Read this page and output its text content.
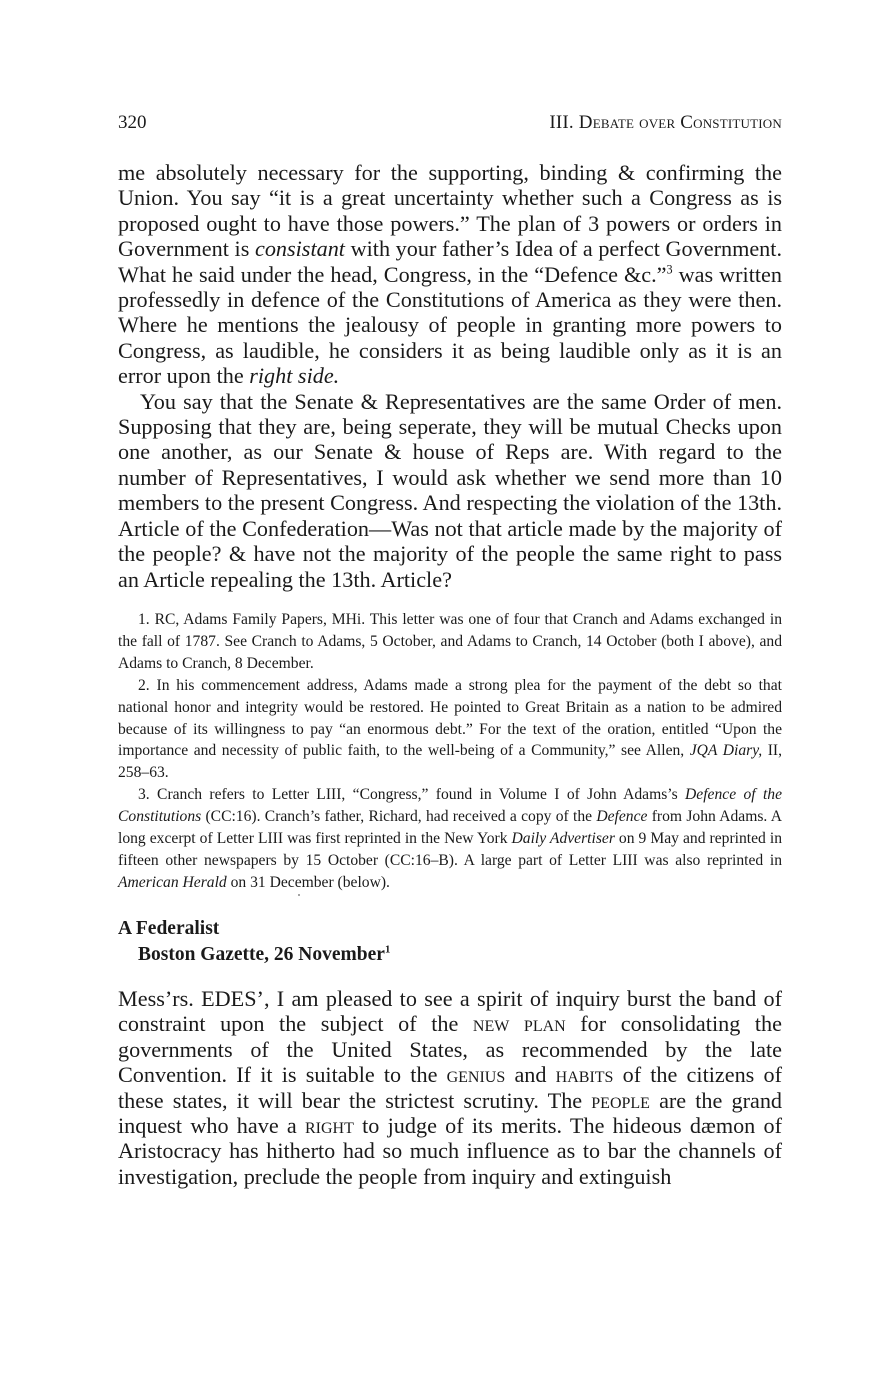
320	III. Debate over Constitution

me absolutely necessary for the supporting, binding & confirming the Union. You say “it is a great uncertainty whether such a Congress as is proposed ought to have those powers.” The plan of 3 powers or orders in Government is consistant with your father’s Idea of a perfect Government. What he said under the head, Congress, in the “Defence &c.”$^3$ was written professedly in defence of the Constitutions of America as they were then. Where he mentions the jealousy of people in granting more powers to Congress, as laudible, he considers it as being laudible only as it is an error upon the right side.

You say that the Senate & Representatives are the same Order of men. Supposing that they are, being seperate, they will be mutual Checks upon one another, as our Senate & house of Reps are. With regard to the number of Representatives, I would ask whether we send more than 10 members to the present Congress. And respecting the violation of the 13th. Article of the Confederation—Was not that article made by the majority of the people? & have not the majority of the people the same right to pass an Article repealing the 13th. Article?

1. RC, Adams Family Papers, MHi. This letter was one of four that Cranch and Adams exchanged in the fall of 1787. See Cranch to Adams, 5 October, and Adams to Cranch, 14 October (both I above), and Adams to Cranch, 8 December.

2. In his commencement address, Adams made a strong plea for the payment of the debt so that national honor and integrity would be restored. He pointed to Great Britain as a nation to be admired because of its willingness to pay “an enormous debt.” For the text of the oration, entitled “Upon the importance and necessity of public faith, to the well-being of a Community,” see Allen, JQA Diary, II, 258–63.

3. Cranch refers to Letter LIII, “Congress,” found in Volume I of John Adams’s Defence of the Constitutions (CC:16). Cranch’s father, Richard, had received a copy of the Defence from John Adams. A long excerpt of Letter LIII was first reprinted in the New York Daily Advertiser on 9 May and reprinted in fifteen other newspapers by 15 October (CC:16–B). A large part of Letter LIII was also reprinted in American Herald on 31 December (below).

A Federalist
Boston Gazette, 26 November$^1$

Mess’rs. EDES’, I am pleased to see a spirit of inquiry burst the band of constraint upon the subject of the new plan for consolidating the governments of the United States, as recommended by the late Convention. If it is suitable to the genius and habits of the citizens of these states, it will bear the strictest scrutiny. The people are the grand inquest who have a right to judge of its merits. The hideous dæmon of Aristocracy has hitherto had so much influence as to bar the channels of investigation, preclude the people from inquiry and extinguish
